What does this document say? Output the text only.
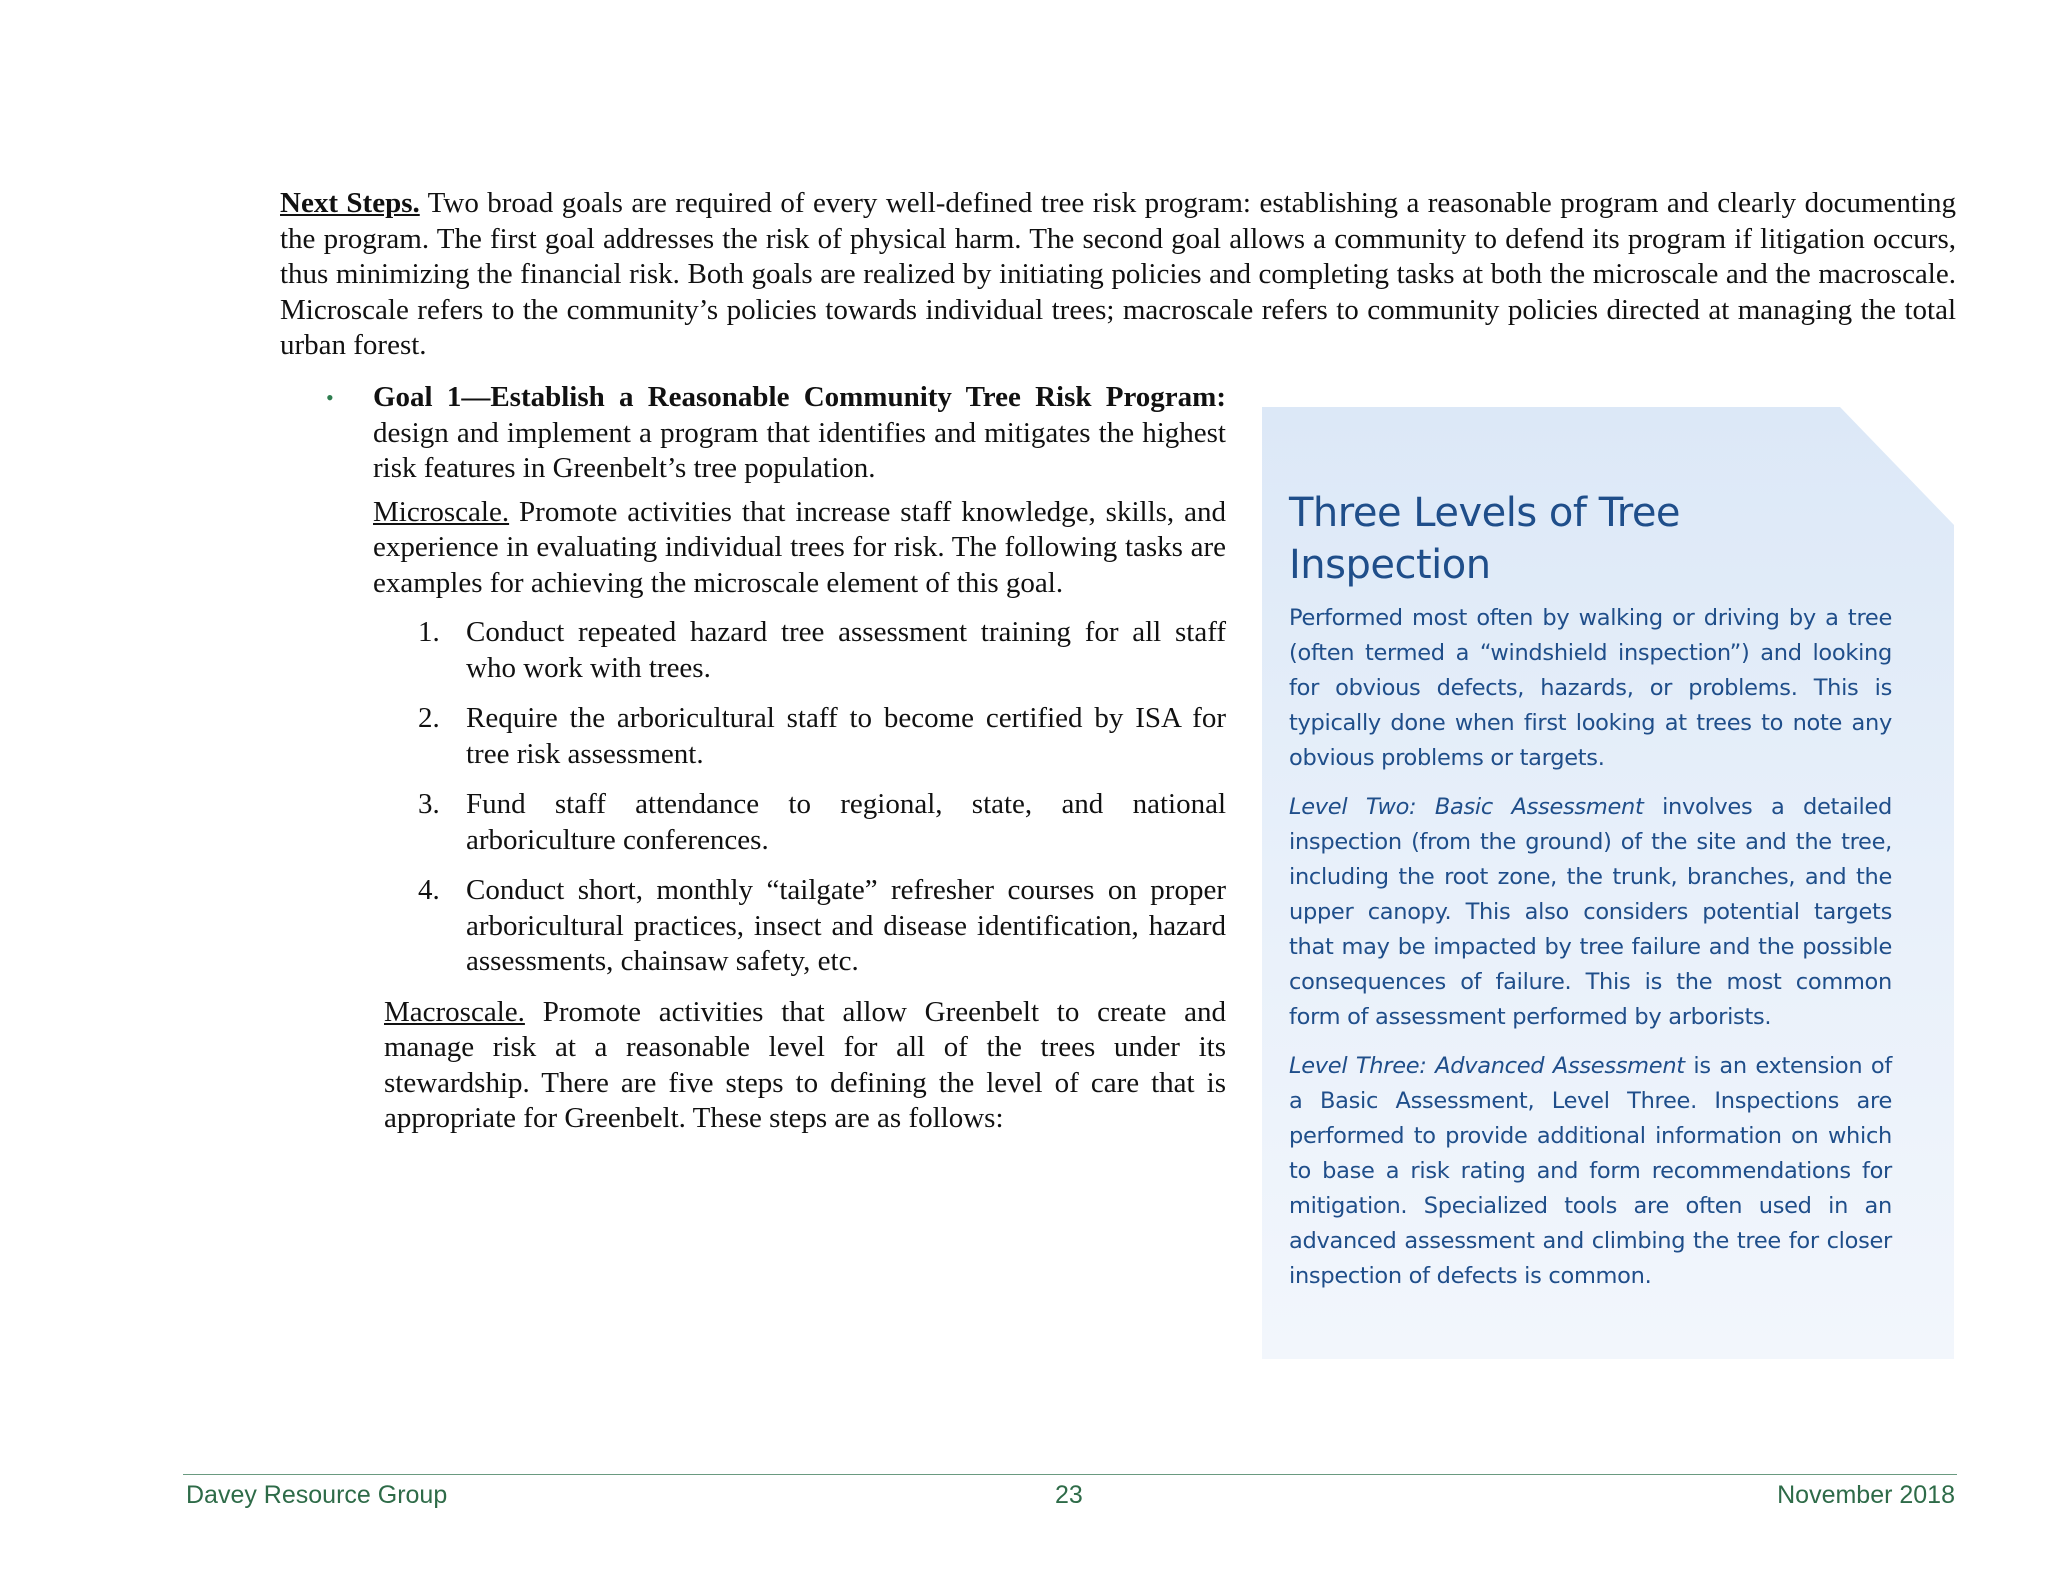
Next Steps. Two broad goals are required of every well-defined tree risk program: establishing a reasonable program and clearly documenting the program. The first goal addresses the risk of physical harm. The second goal allows a community to defend its program if litigation occurs, thus minimizing the financial risk. Both goals are realized by initiating policies and completing tasks at both the microscale and the macroscale. Microscale refers to the community’s policies towards individual trees; macroscale refers to community policies directed at managing the total urban forest.

• Goal 1—Establish a Reasonable Community Tree Risk Program: design and implement a program that identifies and mitigates the highest risk features in Greenbelt’s tree population.

Microscale. Promote activities that increase staff knowledge, skills, and experience in evaluating individual trees for risk. The following tasks are examples for achieving the microscale element of this goal.

1. Conduct repeated hazard tree assessment training for all staff who work with trees.
2. Require the arboricultural staff to become certified by ISA for tree risk assessment.
3. Fund staff attendance to regional, state, and national arboriculture conferences.
4. Conduct short, monthly “tailgate” refresher courses on proper arboricultural practices, insect and disease identification, hazard assessments, chainsaw safety, etc.

Macroscale. Promote activities that allow Greenbelt to create and manage risk at a reasonable level for all of the trees under its stewardship. There are five steps to defining the level of care that is appropriate for Greenbelt. These steps are as follows:

Three Levels of Tree Inspection

Performed most often by walking or driving by a tree (often termed a “windshield inspection”) and looking for obvious defects, hazards, or problems. This is typically done when first looking at trees to note any obvious problems or targets.

Level Two: Basic Assessment involves a detailed inspection (from the ground) of the site and the tree, including the root zone, the trunk, branches, and the upper canopy. This also considers potential targets that may be impacted by tree failure and the possible consequences of failure. This is the most common form of assessment performed by arborists.

Level Three: Advanced Assessment is an extension of a Basic Assessment, Level Three. Inspections are performed to provide additional information on which to base a risk rating and form recommendations for mitigation. Specialized tools are often used in an advanced assessment and climbing the tree for closer inspection of defects is common.

Davey Resource Group	23	November 2018
